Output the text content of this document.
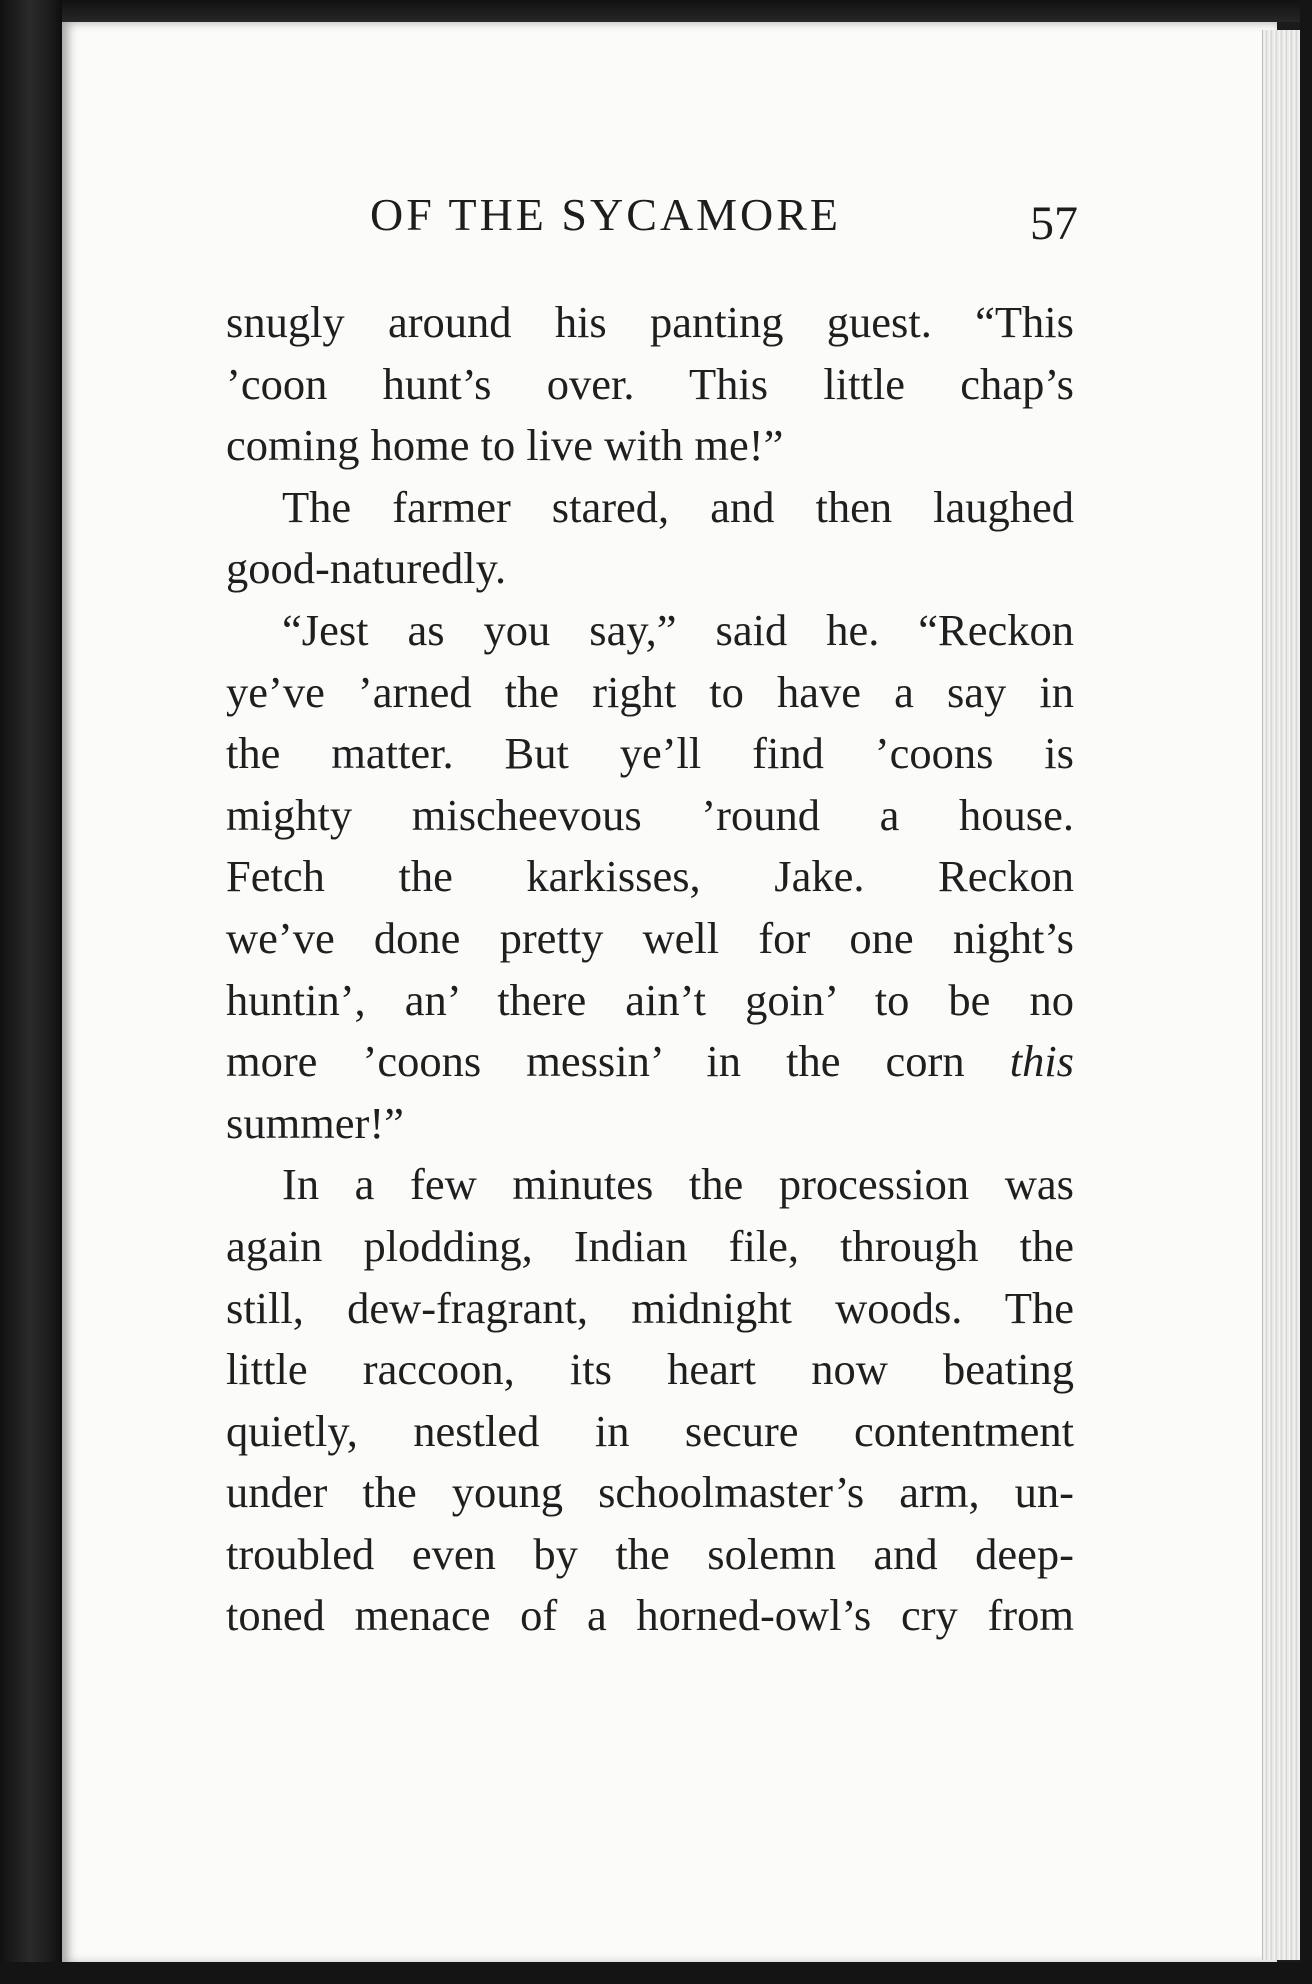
OF THE SYCAMORE	57
snugly around his panting guest. “This
’coon hunt’s over. This little chap’s
coming home to live with me!”
The farmer stared, and then laughed
good-naturedly.
“Jest as you say,” said he. “Reckon
ye’ve ’arned the right to have a say in
the matter. But ye’ll find ’coons is
mighty mischeevous ’round a house.
Fetch the karkisses, Jake. Reckon
we’ve done pretty well for one night’s
huntin’, an’ there ain’t goin’ to be no
more ’coons messin’ in the corn this
summer!”
In a few minutes the procession was
again plodding, Indian file, through the
still, dew-fragrant, midnight woods. The
little raccoon, its heart now beating
quietly, nestled in secure contentment
under the young schoolmaster’s arm, un-
troubled even by the solemn and deep-
toned menace of a horned-owl’s cry from
